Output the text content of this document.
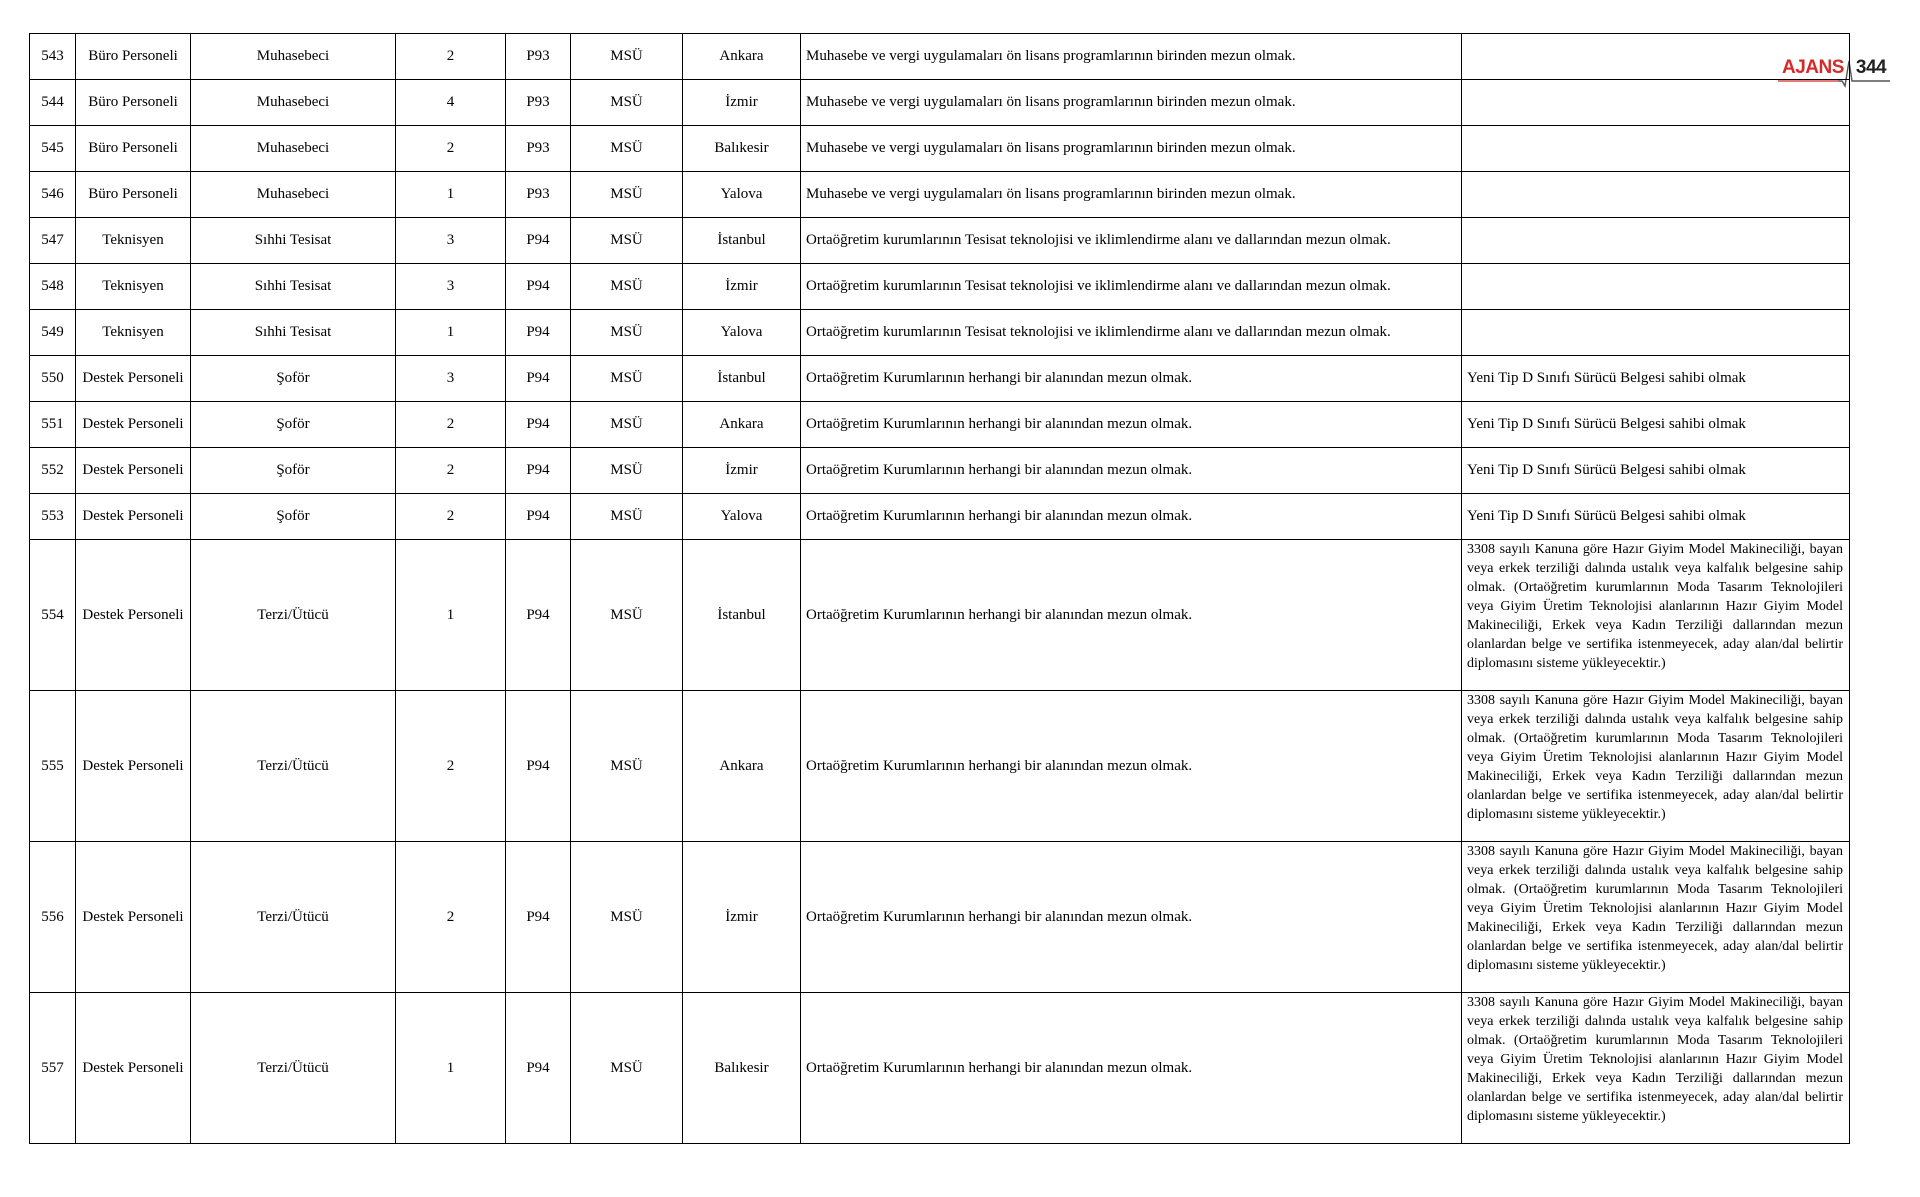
AJANS 344
543	Büro Personeli	Muhasebeci	2	P93	MSÜ	Ankara	Muhasebe ve vergi uygulamaları ön lisans programlarının birinden mezun olmak.	
544	Büro Personeli	Muhasebeci	4	P93	MSÜ	İzmir	Muhasebe ve vergi uygulamaları ön lisans programlarının birinden mezun olmak.	
545	Büro Personeli	Muhasebeci	2	P93	MSÜ	Balıkesir	Muhasebe ve vergi uygulamaları ön lisans programlarının birinden mezun olmak.	
546	Büro Personeli	Muhasebeci	1	P93	MSÜ	Yalova	Muhasebe ve vergi uygulamaları ön lisans programlarının birinden mezun olmak.	
547	Teknisyen	Sıhhi Tesisat	3	P94	MSÜ	İstanbul	Ortaöğretim kurumlarının Tesisat teknolojisi ve iklimlendirme alanı ve dallarından mezun olmak.	
548	Teknisyen	Sıhhi Tesisat	3	P94	MSÜ	İzmir	Ortaöğretim kurumlarının Tesisat teknolojisi ve iklimlendirme alanı ve dallarından mezun olmak.	
549	Teknisyen	Sıhhi Tesisat	1	P94	MSÜ	Yalova	Ortaöğretim kurumlarının Tesisat teknolojisi ve iklimlendirme alanı ve dallarından mezun olmak.	
550	Destek Personeli	Şoför	3	P94	MSÜ	İstanbul	Ortaöğretim Kurumlarının herhangi bir alanından mezun olmak.	Yeni Tip D Sınıfı Sürücü Belgesi sahibi olmak
551	Destek Personeli	Şoför	2	P94	MSÜ	Ankara	Ortaöğretim Kurumlarının herhangi bir alanından mezun olmak.	Yeni Tip D Sınıfı Sürücü Belgesi sahibi olmak
552	Destek Personeli	Şoför	2	P94	MSÜ	İzmir	Ortaöğretim Kurumlarının herhangi bir alanından mezun olmak.	Yeni Tip D Sınıfı Sürücü Belgesi sahibi olmak
553	Destek Personeli	Şoför	2	P94	MSÜ	Yalova	Ortaöğretim Kurumlarının herhangi bir alanından mezun olmak.	Yeni Tip D Sınıfı Sürücü Belgesi sahibi olmak
554	Destek Personeli	Terzi/Ütücü	1	P94	MSÜ	İstanbul	Ortaöğretim Kurumlarının herhangi bir alanından mezun olmak.	3308 sayılı Kanuna göre Hazır Giyim Model Makineciliği, bayan veya erkek terziliği dalında ustalık veya kalfalık belgesine sahip olmak. (Ortaöğretim kurumlarının Moda Tasarım Teknolojileri veya Giyim Üretim Teknolojisi alanlarının Hazır Giyim Model Makineciliği, Erkek veya Kadın Terziliği dallarından mezun olanlardan belge ve sertifika istenmeyecek, aday alan/dal belirtir diplomasını sisteme yükleyecektir.)
555	Destek Personeli	Terzi/Ütücü	2	P94	MSÜ	Ankara	Ortaöğretim Kurumlarının herhangi bir alanından mezun olmak.	3308 sayılı Kanuna göre Hazır Giyim Model Makineciliği, bayan veya erkek terziliği dalında ustalık veya kalfalık belgesine sahip olmak. (Ortaöğretim kurumlarının Moda Tasarım Teknolojileri veya Giyim Üretim Teknolojisi alanlarının Hazır Giyim Model Makineciliği, Erkek veya Kadın Terziliği dallarından mezun olanlardan belge ve sertifika istenmeyecek, aday alan/dal belirtir diplomasını sisteme yükleyecektir.)
556	Destek Personeli	Terzi/Ütücü	2	P94	MSÜ	İzmir	Ortaöğretim Kurumlarının herhangi bir alanından mezun olmak.	3308 sayılı Kanuna göre Hazır Giyim Model Makineciliği, bayan veya erkek terziliği dalında ustalık veya kalfalık belgesine sahip olmak. (Ortaöğretim kurumlarının Moda Tasarım Teknolojileri veya Giyim Üretim Teknolojisi alanlarının Hazır Giyim Model Makineciliği, Erkek veya Kadın Terziliği dallarından mezun olanlardan belge ve sertifika istenmeyecek, aday alan/dal belirtir diplomasını sisteme yükleyecektir.)
557	Destek Personeli	Terzi/Ütücü	1	P94	MSÜ	Balıkesir	Ortaöğretim Kurumlarının herhangi bir alanından mezun olmak.	3308 sayılı Kanuna göre Hazır Giyim Model Makineciliği, bayan veya erkek terziliği dalında ustalık veya kalfalık belgesine sahip olmak. (Ortaöğretim kurumlarının Moda Tasarım Teknolojileri veya Giyim Üretim Teknolojisi alanlarının Hazır Giyim Model Makineciliği, Erkek veya Kadın Terziliği dallarından mezun olanlardan belge ve sertifika istenmeyecek, aday alan/dal belirtir diplomasını sisteme yükleyecektir.)
